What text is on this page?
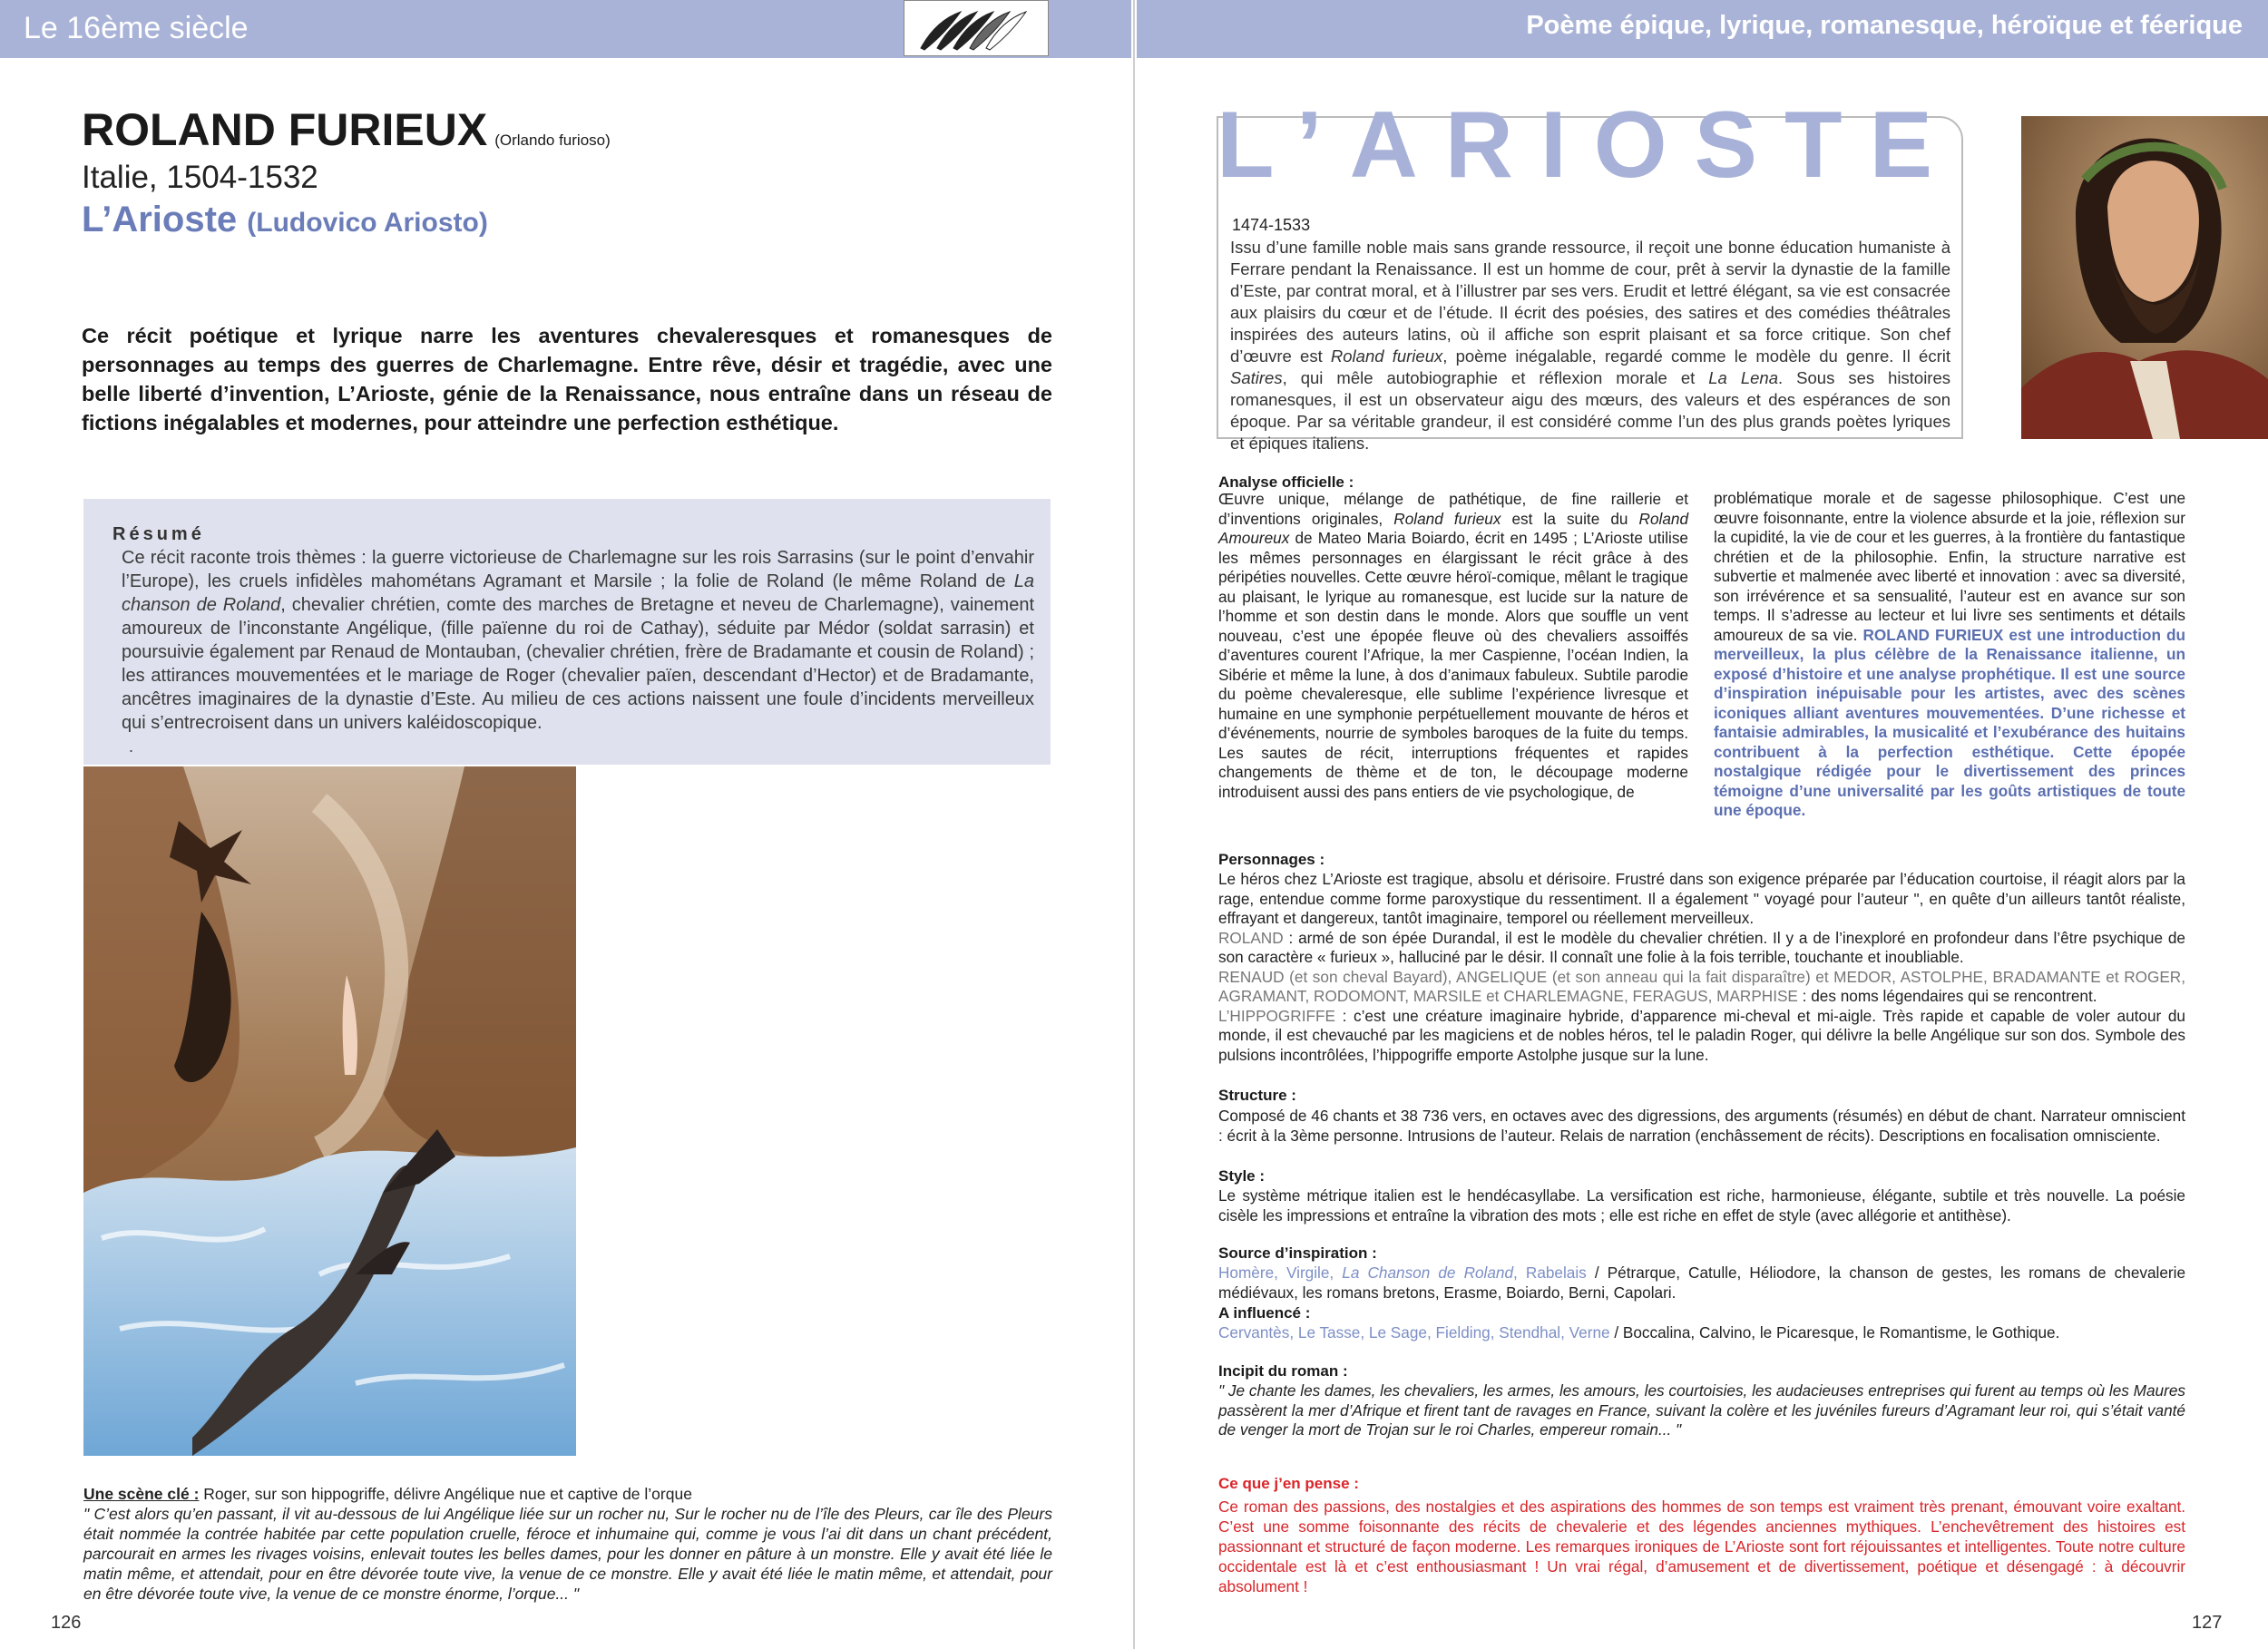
Le 16ème siècle	Poème épique, lyrique, romanesque, héroïque et féerique
ROLAND FURIEUX (Orlando furioso)
Italie, 1504-1532
L’Arioste (Ludovico Ariosto)

Ce récit poétique et lyrique narre les aventures chevaleresques et romanesques de personnages au temps des guerres de Charlemagne. Entre rêve, désir et tragédie, avec une belle liberté d’invention, L’Arioste, génie de la Renaissance, nous entraîne dans un réseau de fictions inégalables et modernes, pour atteindre une perfection esthétique.

Résumé

Ce récit raconte trois thèmes : la guerre victorieuse de Charlemagne sur les rois Sarrasins (sur le point d’envahir l’Europe), les cruels infidèles mahométans Agramant et Marsile ; la folie de Roland (le même Roland de La chanson de Roland, chevalier chrétien, comte des marches de Bretagne et neveu de Charlemagne), vainement amoureux de l’inconstante Angélique, (fille païenne du roi de Cathay), séduite par Médor (soldat sarrasin) et poursuivie également par Renaud de Montauban, (chevalier chrétien, frère de Bradamante et cousin de Roland) ; les attirances mouvementées et le mariage de Roger (chevalier païen, descendant d’Hector) et de Bradamante, ancêtres imaginaires de la dynastie d’Este. Au milieu de ces actions naissent une foule d’incidents merveilleux qui s’entrecroisent dans un univers kaléidoscopique.

.
Une scène clé : Roger, sur son hippogriffe, délivre Angélique nue et captive de l’orque
" C’est alors qu’en passant, il vit au-dessous de lui Angélique liée sur un rocher nu, Sur le rocher nu de l’île des Pleurs, car île des Pleurs était nommée la contrée habitée par cette population cruelle, féroce et inhumaine qui, comme je vous l’ai dit dans un chant précédent, parcourait en armes les rivages voisins, enlevait toutes les belles dames, pour les donner en pâture à un monstre. Elle y avait été liée le matin même, et attendait, pour en être dévorée toute vive, la venue de ce monstre. Elle y avait été liée le matin même, et attendait, pour en être dévorée toute vive, la venue de ce monstre énorme, l’orque... "
126
L’ARIOSTE
1474-1533

Issu d’une famille noble mais sans grande ressource, il reçoit une bonne éducation humaniste à Ferrare pendant la Renaissance. Il est un homme de cour, prêt à servir la dynastie de la famille d’Este, par contrat moral, et à l’illustrer par ses vers. Erudit et lettré élégant, sa vie est consacrée aux plaisirs du cœur et de l’étude. Il écrit des poésies, des satires et des comédies théâtrales inspirées des auteurs latins, où il affiche son esprit plaisant et sa force critique. Son chef d’œuvre est Roland furieux, poème inégalable, regardé comme le modèle du genre. Il écrit Satires, qui mêle autobiographie et réflexion morale et La Lena. Sous ses histoires romanesques, il est un observateur aigu des mœurs, des valeurs et des espérances de son époque. Par sa véritable grandeur, il est considéré comme l’un des plus grands poètes lyriques et épiques italiens.

Analyse officielle :

Œuvre unique, mélange de pathétique, de fine raillerie et d’inventions originales, Roland furieux est la suite du Roland Amoureux de Mateo Maria Boiardo, écrit en 1495 ; L’Arioste utilise les mêmes personnages en élargissant le récit grâce à des péripéties nouvelles. Cette œuvre héroï-comique, mêlant le tragique au plaisant, le lyrique au romanesque, est lucide sur la nature de l’homme et son destin dans le monde. Alors que souffle un vent nouveau, c’est une épopée fleuve où des chevaliers assoiffés d’aventures courent l’Afrique, la mer Caspienne, l’océan Indien, la Sibérie et même la lune, à dos d’animaux fabuleux. Subtile parodie du poème chevaleresque, elle sublime l’expérience livresque et humaine en une symphonie perpétuellement mouvante de héros et d’événements, nourrie de symboles baroques de la fuite du temps. Les sautes de récit, interruptions fréquentes et rapides changements de thème et de ton, le découpage moderne introduisent aussi des pans entiers de vie psychologique, de

problématique morale et de sagesse philosophique. C’est une œuvre foisonnante, entre la violence absurde et la joie, réflexion sur la cupidité, la vie de cour et les guerres, à la frontière du fantastique chrétien et de la philosophie. Enfin, la structure narrative est subvertie et malmenée avec liberté et innovation : avec sa diversité, son irrévérence et sa sensualité, l’auteur est en avance sur son temps. Il s’adresse au lecteur et lui livre ses sentiments et détails amoureux de sa vie. ROLAND FURIEUX est une introduction du merveilleux, la plus célèbre de la Renaissance italienne, un exposé d’histoire et une analyse prophétique. Il est une source d’inspiration inépuisable pour les artistes, avec des scènes iconiques alliant aventures mouvementées. D’une richesse et fantaisie admirables, la musicalité et l’exubérance des huitains contribuent à la perfection esthétique. Cette épopée nostalgique rédigée pour le divertissement des princes témoigne d’une universalité par les goûts artistiques de toute une époque.

Personnages :
Le héros chez L’Arioste est tragique, absolu et dérisoire. Frustré dans son exigence préparée par l’éducation courtoise, il réagit alors par la rage, entendue comme forme paroxystique du ressentiment. Il a également " voyagé pour l’auteur ", en quête d’un ailleurs tantôt réaliste, effrayant et dangereux, tantôt imaginaire, temporel ou réellement merveilleux.
ROLAND : armé de son épée Durandal, il est le modèle du chevalier chrétien. Il y a de l’inexploré en profondeur dans l’être psychique de son caractère « furieux », halluciné par le désir. Il connaît une folie à la fois terrible, touchante et inoubliable.
RENAUD (et son cheval Bayard), ANGELIQUE (et son anneau qui la fait disparaître) et MEDOR, ASTOLPHE, BRADAMANTE et ROGER, AGRAMANT, RODOMONT, MARSILE et CHARLEMAGNE, FERAGUS, MARPHISE : des noms légendaires qui se rencontrent.
L’HIPPOGRIFFE : c’est une créature imaginaire hybride, d’apparence mi-cheval et mi-aigle. Très rapide et capable de voler autour du monde, il est chevauché par les magiciens et de nobles héros, tel le paladin Roger, qui délivre la belle Angélique sur son dos. Symbole des pulsions incontrôlées, l’hippogriffe emporte Astolphe jusque sur la lune.
Structure :
Composé de 46 chants et 38 736 vers, en octaves avec des digressions, des arguments (résumés) en début de chant. Narrateur omniscient : écrit à la 3ème personne. Intrusions de l’auteur. Relais de narration (enchâssement de récits). Descriptions en focalisation omnisciente.
Style :
Le système métrique italien est le hendécasyllabe. La versification est riche, harmonieuse, élégante, subtile et très nouvelle. La poésie cisèle les impressions et entraîne la vibration des mots ; elle est riche en effet de style (avec allégorie et antithèse).
Source d’inspiration :
Homère, Virgile, La Chanson de Roland, Rabelais / Pétrarque, Catulle, Héliodore, la chanson de gestes, les romans de chevalerie médiévaux, les romans bretons, Erasme, Boiardo, Berni, Capolari.
A influencé :
Cervantès, Le Tasse, Le Sage, Fielding, Stendhal, Verne / Boccalina, Calvino, le Picaresque, le Romantisme, le Gothique.
Incipit du roman :
" Je chante les dames, les chevaliers, les armes, les amours, les courtoisies, les audacieuses entreprises qui furent au temps où les Maures passèrent la mer d’Afrique et firent tant de ravages en France, suivant la colère et les juvéniles fureurs d’Agramant leur roi, qui s’était vanté de venger la mort de Trojan sur le roi Charles, empereur romain... "
Ce que j’en pense :

Ce roman des passions, des nostalgies et des aspirations des hommes de son temps est vraiment très prenant, émouvant voire exaltant. C’est une somme foisonnante des récits de chevalerie et des légendes anciennes mythiques. L’enchevêtrement des histoires est passionnant et structuré de façon moderne. Les remarques ironiques de L’Arioste sont fort réjouissantes et intelligentes. Toute notre culture occidentale est là et c’est enthousiasmant ! Un vrai régal, d’amusement et de divertissement, poétique et désengagé : à découvrir absolument !

127
